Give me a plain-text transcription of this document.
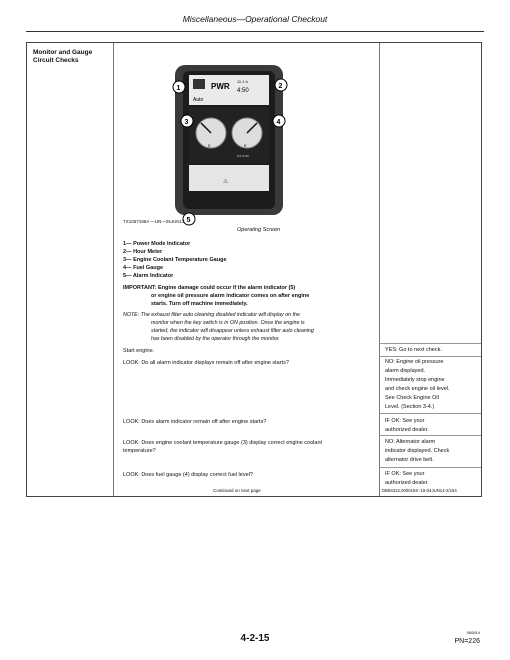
Miscellaneous—Operational Checkout
Monitor and Gauge Circuit Checks
PWR
11.1 h
4:50
Auto
E	E
0.0 Km/h
⚠
1	2
3	4
5
TX1057186A —UN—25JUN13
Operating Screen
1— Power Mode Indicator
2— Hour Meter
3— Engine Coolant Temperature Gauge
4— Fuel Gauge
5— Alarm Indicator
IMPORTANT: Engine damage could occur if the alarm indicator (5)
or engine oil pressure alarm indicator comes on after engine
starts. Turn off machine immediately.
NOTE: The exhaust filter auto cleaning disabled indicator will display on the
monitor when the key switch is in ON position. Once the engine is
started, the indicator will disappear unless exhaust filter auto cleaning
has been disabled by the operator through the monitor.
Start engine.	YES: Go to next check.
LOOK: Do all alarm indicator displays remain off after engine starts?	NO: Engine oil pressure
alarm displayed.
Immediately stop engine
and check engine oil level.
See Check Engine Oil
Level. (Section 3-4.)
LOOK: Does alarm indicator remain off after engine starts?	IF OK: See your
authorized dealer.
LOOK: Does engine coolant temperature gauge (3) display correct engine coolant
temperature?
NO: Alternator alarm
indicator displayed. Check
alternator drive belt.
LOOK: Does fuel gauge (4) display correct fuel level?	IF OK: See your
authorized dealer.
Continued on next page	DB84312,0000158 -19-04JUN14-2/154
4-2-15
060814
PN=226
